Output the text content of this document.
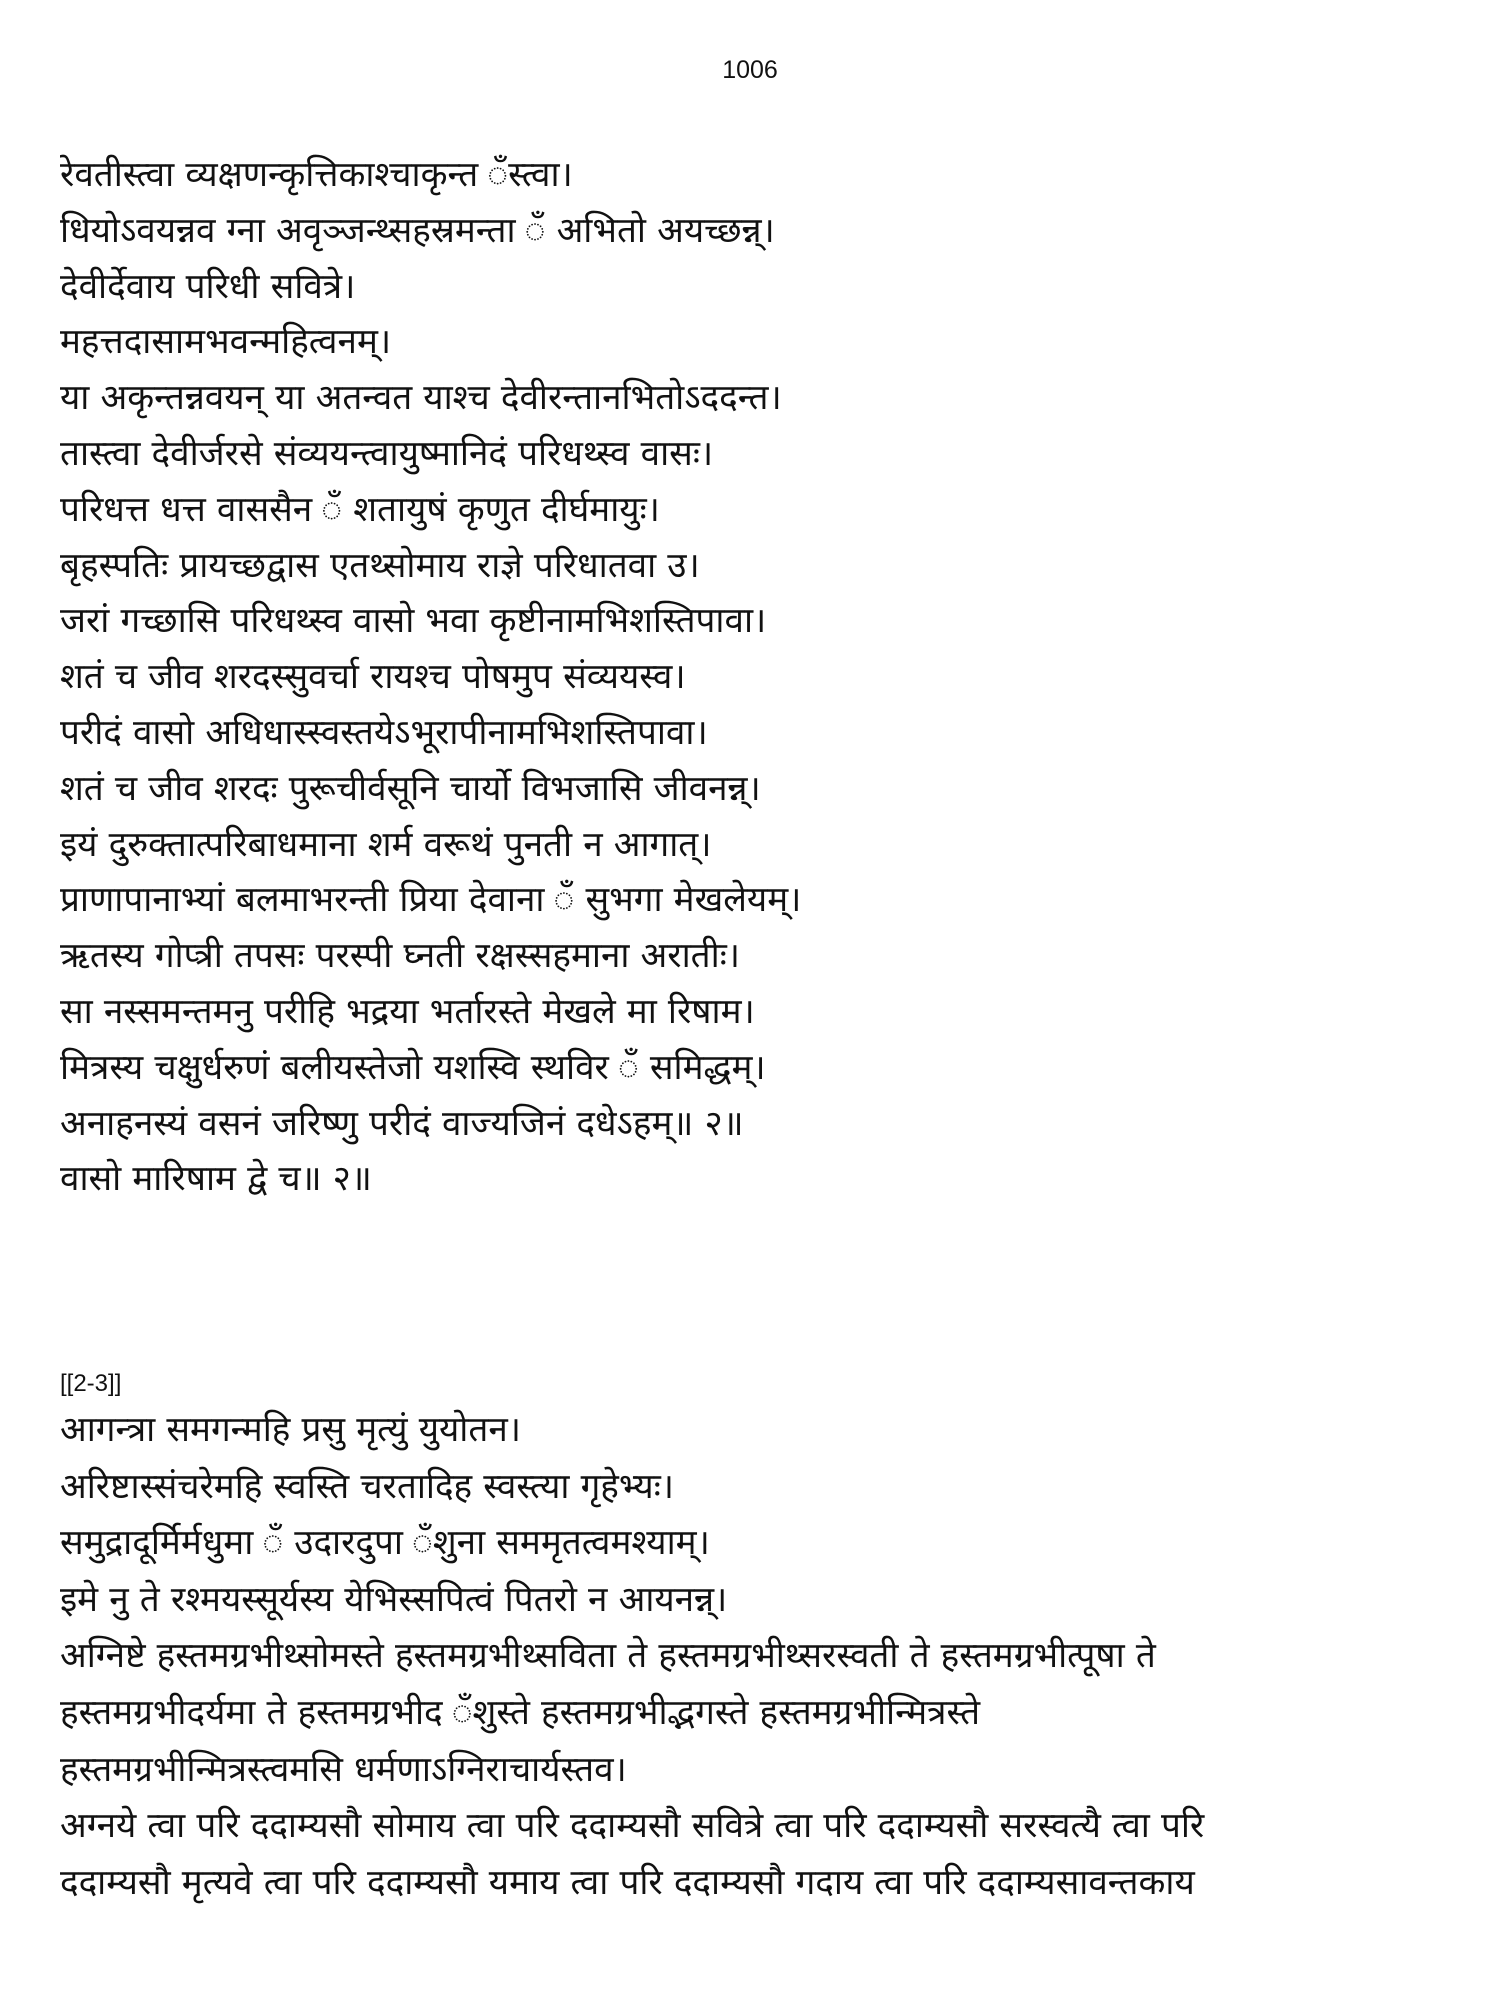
1006
रेवतीस्त्वा व्यक्षणन्कृत्तिकाश्चाकृन्त ँस्त्वा।
धियोऽवयन्नव ग्ना अवृञ्जन्थ्सहस्रमन्ता ँ अभितो अयच्छन्न्।
देवीर्देवाय परिधी सवित्रे।
महत्तदासामभवन्महित्वनम्।
या अकृन्तन्नवयन् या अतन्वत याश्च देवीरन्तानभितोऽददन्त।
तास्त्वा देवीर्जरसे संव्ययन्त्वायुष्मानिदं परिधथ्स्व वासः।
परिधत्त धत्त वाससैन ँ शतायुषं कृणुत दीर्घमायुः।
बृहस्पतिः प्रायच्छद्वास एतथ्सोमाय राज्ञे परिधातवा उ।
जरां गच्छासि परिधथ्स्व वासो भवा कृष्टीनामभिशस्तिपावा।
शतं च जीव शरदस्सुवर्चा रायश्च पोषमुप संव्ययस्व।
परीदं वासो अधिधास्स्वस्तयेऽभूरापीनामभिशस्तिपावा।
शतं च जीव शरदः पुरूचीर्वसूनि चार्यो विभजासि जीवनन्न्।
इयं दुरुक्तात्परिबाधमाना शर्म वरूथं पुनती न आगात्।
प्राणापानाभ्यां बलमाभरन्ती प्रिया देवाना ँ सुभगा मेखलेयम्।
ऋतस्य गोप्त्री तपसः परस्पी घ्नती रक्षस्सहमाना अरातीः।
सा नस्समन्तमनु परीहि भद्रया भर्तारस्ते मेखले मा रिषाम।
मित्रस्य चक्षुर्धरुणं बलीयस्तेजो यशस्वि स्थविर ँ समिद्धम्।
अनाहनस्यं वसनं जरिष्णु परीदं वाज्यजिनं दधेऽहम्॥ २॥
वासो मारिषाम द्वे च॥ २॥
[[2-3]]
आगन्त्रा समगन्महि प्रसु मृत्युं युयोतन।
अरिष्टास्संचरेमहि स्वस्ति चरतादिह स्वस्त्या गृहेभ्यः।
समुद्रादूर्मिर्मधुमा ँ उदारदुपा ँशुना सममृतत्वमश्याम्।
इमे नु ते रश्मयस्सूर्यस्य येभिस्सपित्वं पितरो न आयनन्न्।
अग्निष्टे हस्तमग्रभीथ्सोमस्ते हस्तमग्रभीथ्सविता ते हस्तमग्रभीथ्सरस्वती ते हस्तमग्रभीत्पूषा ते
हस्तमग्रभीदर्यमा ते हस्तमग्रभीद ँशुस्ते हस्तमग्रभीद्भगस्ते हस्तमग्रभीन्मित्रस्ते
हस्तमग्रभीन्मित्रस्त्वमसि धर्मणाऽग्निराचार्यस्तव।
अग्नये त्वा परि ददाम्यसौ सोमाय त्वा परि ददाम्यसौ सवित्रे त्वा परि ददाम्यसौ सरस्वत्यै त्वा परि
ददाम्यसौ मृत्यवे त्वा परि ददाम्यसौ यमाय त्वा परि ददाम्यसौ गदाय त्वा परि ददाम्यसावन्तकाय
